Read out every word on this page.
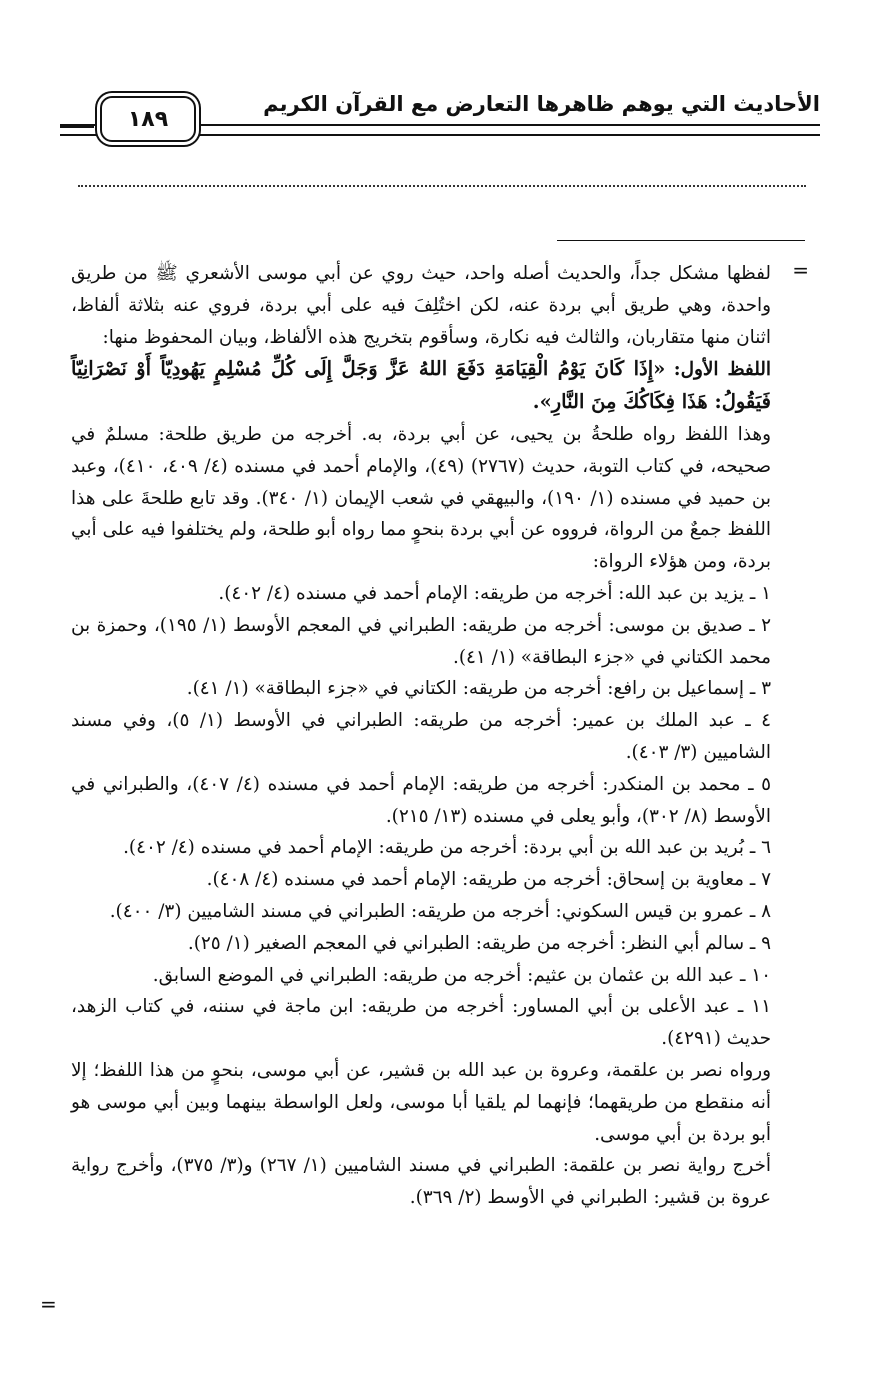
١٨٩
الأحاديث التي يوهم ظاهرها التعارض مع القرآن الكريم
=
=

لفظها مشكل جداً، والحديث أصله واحد، حيث روي عن أبي موسى الأشعري ﷺ من طريق واحدة، وهي طريق أبي بردة عنه، لكن اختُلِفَ فيه على أبي بردة، فروي عنه بثلاثة ألفاظ، اثنان منها متقاربان، والثالث فيه نكارة، وسأقوم بتخريج هذه الألفاظ، وبيان المحفوظ منها:

اللفظ الأول: «إِذَا كَانَ يَوْمُ الْقِيَامَةِ دَفَعَ اللهُ عَزَّ وَجَلَّ إِلَى كُلِّ مُسْلِمٍ يَهُودِيّاً أَوْ نَصْرَانِيّاً فَيَقُولُ: هَذَا فِكَاكُكَ مِنَ النَّارِ».

وهذا اللفظ رواه طلحةُ بن يحيى، عن أبي بردة، به. أخرجه من طريق طلحة: مسلمٌ في صحيحه، في كتاب التوبة، حديث (٢٧٦٧) (٤٩)، والإمام أحمد في مسنده (٤/ ٤٠٩، ٤١٠)، وعبد بن حميد في مسنده (١/ ١٩٠)، والبيهقي في شعب الإيمان (١/ ٣٤٠). وقد تابع طلحةَ على هذا اللفظ جمعٌ من الرواة، فرووه عن أبي بردة بنحوٍ مما رواه أبو طلحة، ولم يختلفوا فيه على أبي بردة، ومن هؤلاء الرواة:

١ ـ يزيد بن عبد الله: أخرجه من طريقه: الإمام أحمد في مسنده (٤/ ٤٠٢).

٢ ـ صديق بن موسى: أخرجه من طريقه: الطبراني في المعجم الأوسط (١/ ١٩٥)، وحمزة بن محمد الكتاني في «جزء البطاقة» (١/ ٤١).

٣ ـ إسماعيل بن رافع: أخرجه من طريقه: الكتاني في «جزء البطاقة» (١/ ٤١).

٤ ـ عبد الملك بن عمير: أخرجه من طريقه: الطبراني في الأوسط (١/ ٥)، وفي مسند الشاميين (٣/ ٤٠٣).

٥ ـ محمد بن المنكدر: أخرجه من طريقه: الإمام أحمد في مسنده (٤/ ٤٠٧)، والطبراني في الأوسط (٨/ ٣٠٢)، وأبو يعلى في مسنده (١٣/ ٢١٥).

٦ ـ بُريد بن عبد الله بن أبي بردة: أخرجه من طريقه: الإمام أحمد في مسنده (٤/ ٤٠٢).

٧ ـ معاوية بن إسحاق: أخرجه من طريقه: الإمام أحمد في مسنده (٤/ ٤٠٨).

٨ ـ عمرو بن قيس السكوني: أخرجه من طريقه: الطبراني في مسند الشاميين (٣/ ٤٠٠).

٩ ـ سالم أبي النظر: أخرجه من طريقه: الطبراني في المعجم الصغير (١/ ٢٥).

١٠ ـ عبد الله بن عثمان بن عثيم: أخرجه من طريقه: الطبراني في الموضع السابق.

١١ ـ عبد الأعلى بن أبي المساور: أخرجه من طريقه: ابن ماجة في سننه، في كتاب الزهد، حديث (٤٢٩١).

ورواه نصر بن علقمة، وعروة بن عبد الله بن قشير، عن أبي موسى، بنحوٍ من هذا اللفظ؛ إلا أنه منقطع من طريقهما؛ فإنهما لم يلقيا أبا موسى، ولعل الواسطة بينهما وبين أبي موسى هو أبو بردة بن أبي موسى.

أخرج رواية نصر بن علقمة: الطبراني في مسند الشاميين (١/ ٢٦٧) و(٣/ ٣٧٥)، وأخرج رواية عروة بن قشير: الطبراني في الأوسط (٢/ ٣٦٩).
